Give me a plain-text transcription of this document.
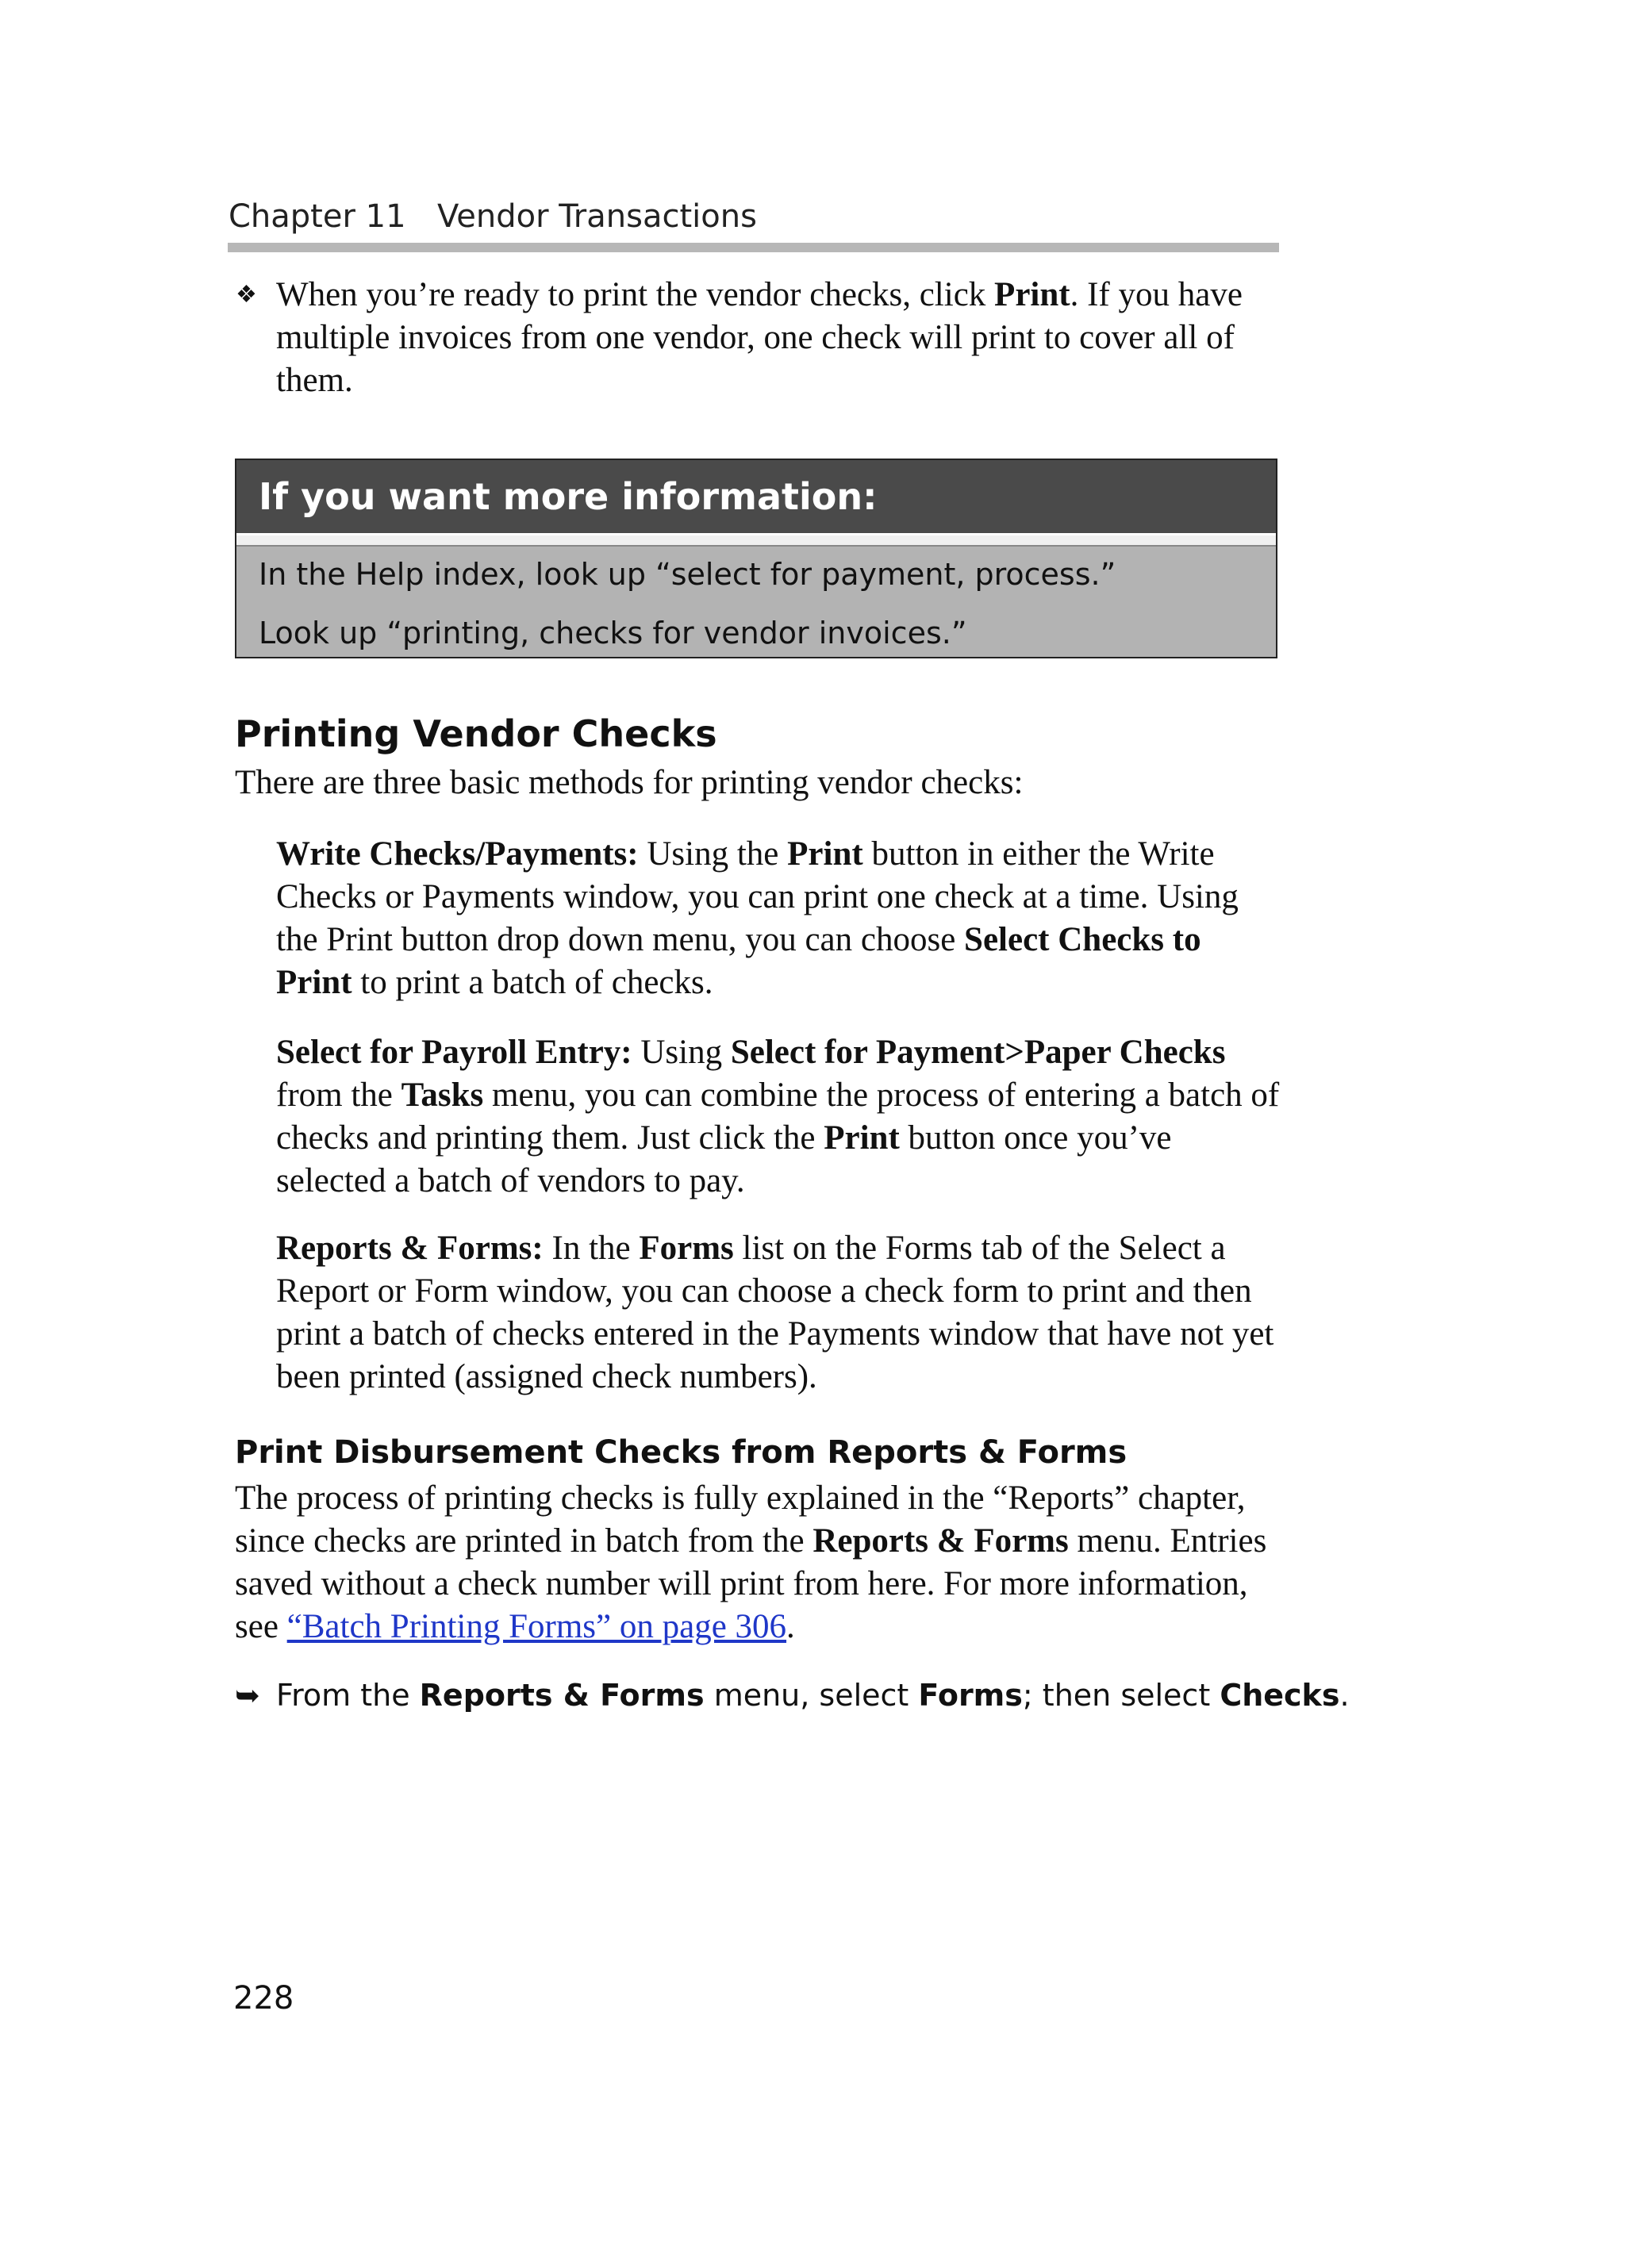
Chapter 11 Vendor Transactions
❖ When you’re ready to print the vendor checks, click Print. If you have multiple invoices from one vendor, one check will print to cover all of them.
If you want more information:
In the Help index, look up “select for payment, process.”
Look up “printing, checks for vendor invoices.”
Printing Vendor Checks
There are three basic methods for printing vendor checks:
Write Checks/Payments: Using the Print button in either the Write Checks or Payments window, you can print one check at a time. Using the Print button drop down menu, you can choose Select Checks to Print to print a batch of checks.
Select for Payroll Entry: Using Select for Payment>Paper Checks from the Tasks menu, you can combine the process of entering a batch of checks and printing them. Just click the Print button once you’ve selected a batch of vendors to pay.
Reports & Forms: In the Forms list on the Forms tab of the Select a Report or Form window, you can choose a check form to print and then print a batch of checks entered in the Payments window that have not yet been printed (assigned check numbers).
Print Disbursement Checks from Reports & Forms
The process of printing checks is fully explained in the “Reports” chapter, since checks are printed in batch from the Reports & Forms menu. Entries saved without a check number will print from here. For more information, see “Batch Printing Forms” on page 306.
➥ From the Reports & Forms menu, select Forms; then select Checks.
228
